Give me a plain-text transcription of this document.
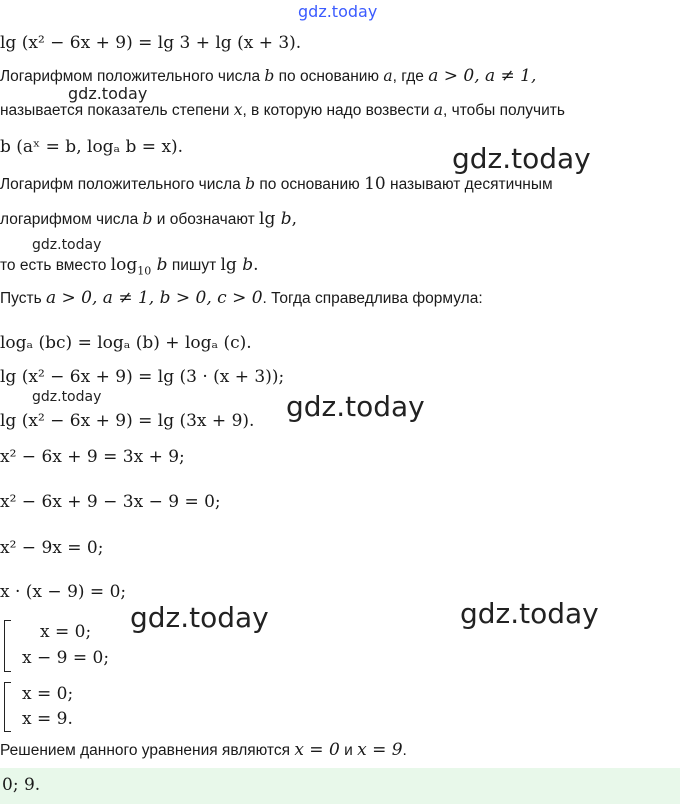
gdz.today
gdz.today
gdz.today
gdz.today
gdz.today	gdz.today
gdz.today	gdz.today
lg (x² − 6x + 9) = lg 3 + lg (x + 3).
Логарифмом положительного числа b по основанию a, где a > 0, a ≠ 1,
называется показатель степени x, в которую надо возвести a, чтобы получить
b (aˣ = b, logₐ b = x).
Логарифм положительного числа b по основанию 10 называют десятичным
логарифмом числа b и обозначают lg b,
то есть вместо $\log_{10} b$ пишут lg b.
Пусть a > 0, a ≠ 1, b > 0, c > 0. Тогда справедлива формула:
logₐ (bc) = logₐ (b) + logₐ (c).
lg (x² − 6x + 9) = lg (3 · (x + 3));
lg (x² − 6x + 9) = lg (3x + 9).
x² − 6x + 9 = 3x + 9;
x² − 6x + 9 − 3x − 9 = 0;
x² − 9x = 0;
x · (x − 9) = 0;
x = 0;
x − 9 = 0;
x = 0;
x = 9.
Решением данного уравнения являются x = 0 и x = 9.
0; 9.
